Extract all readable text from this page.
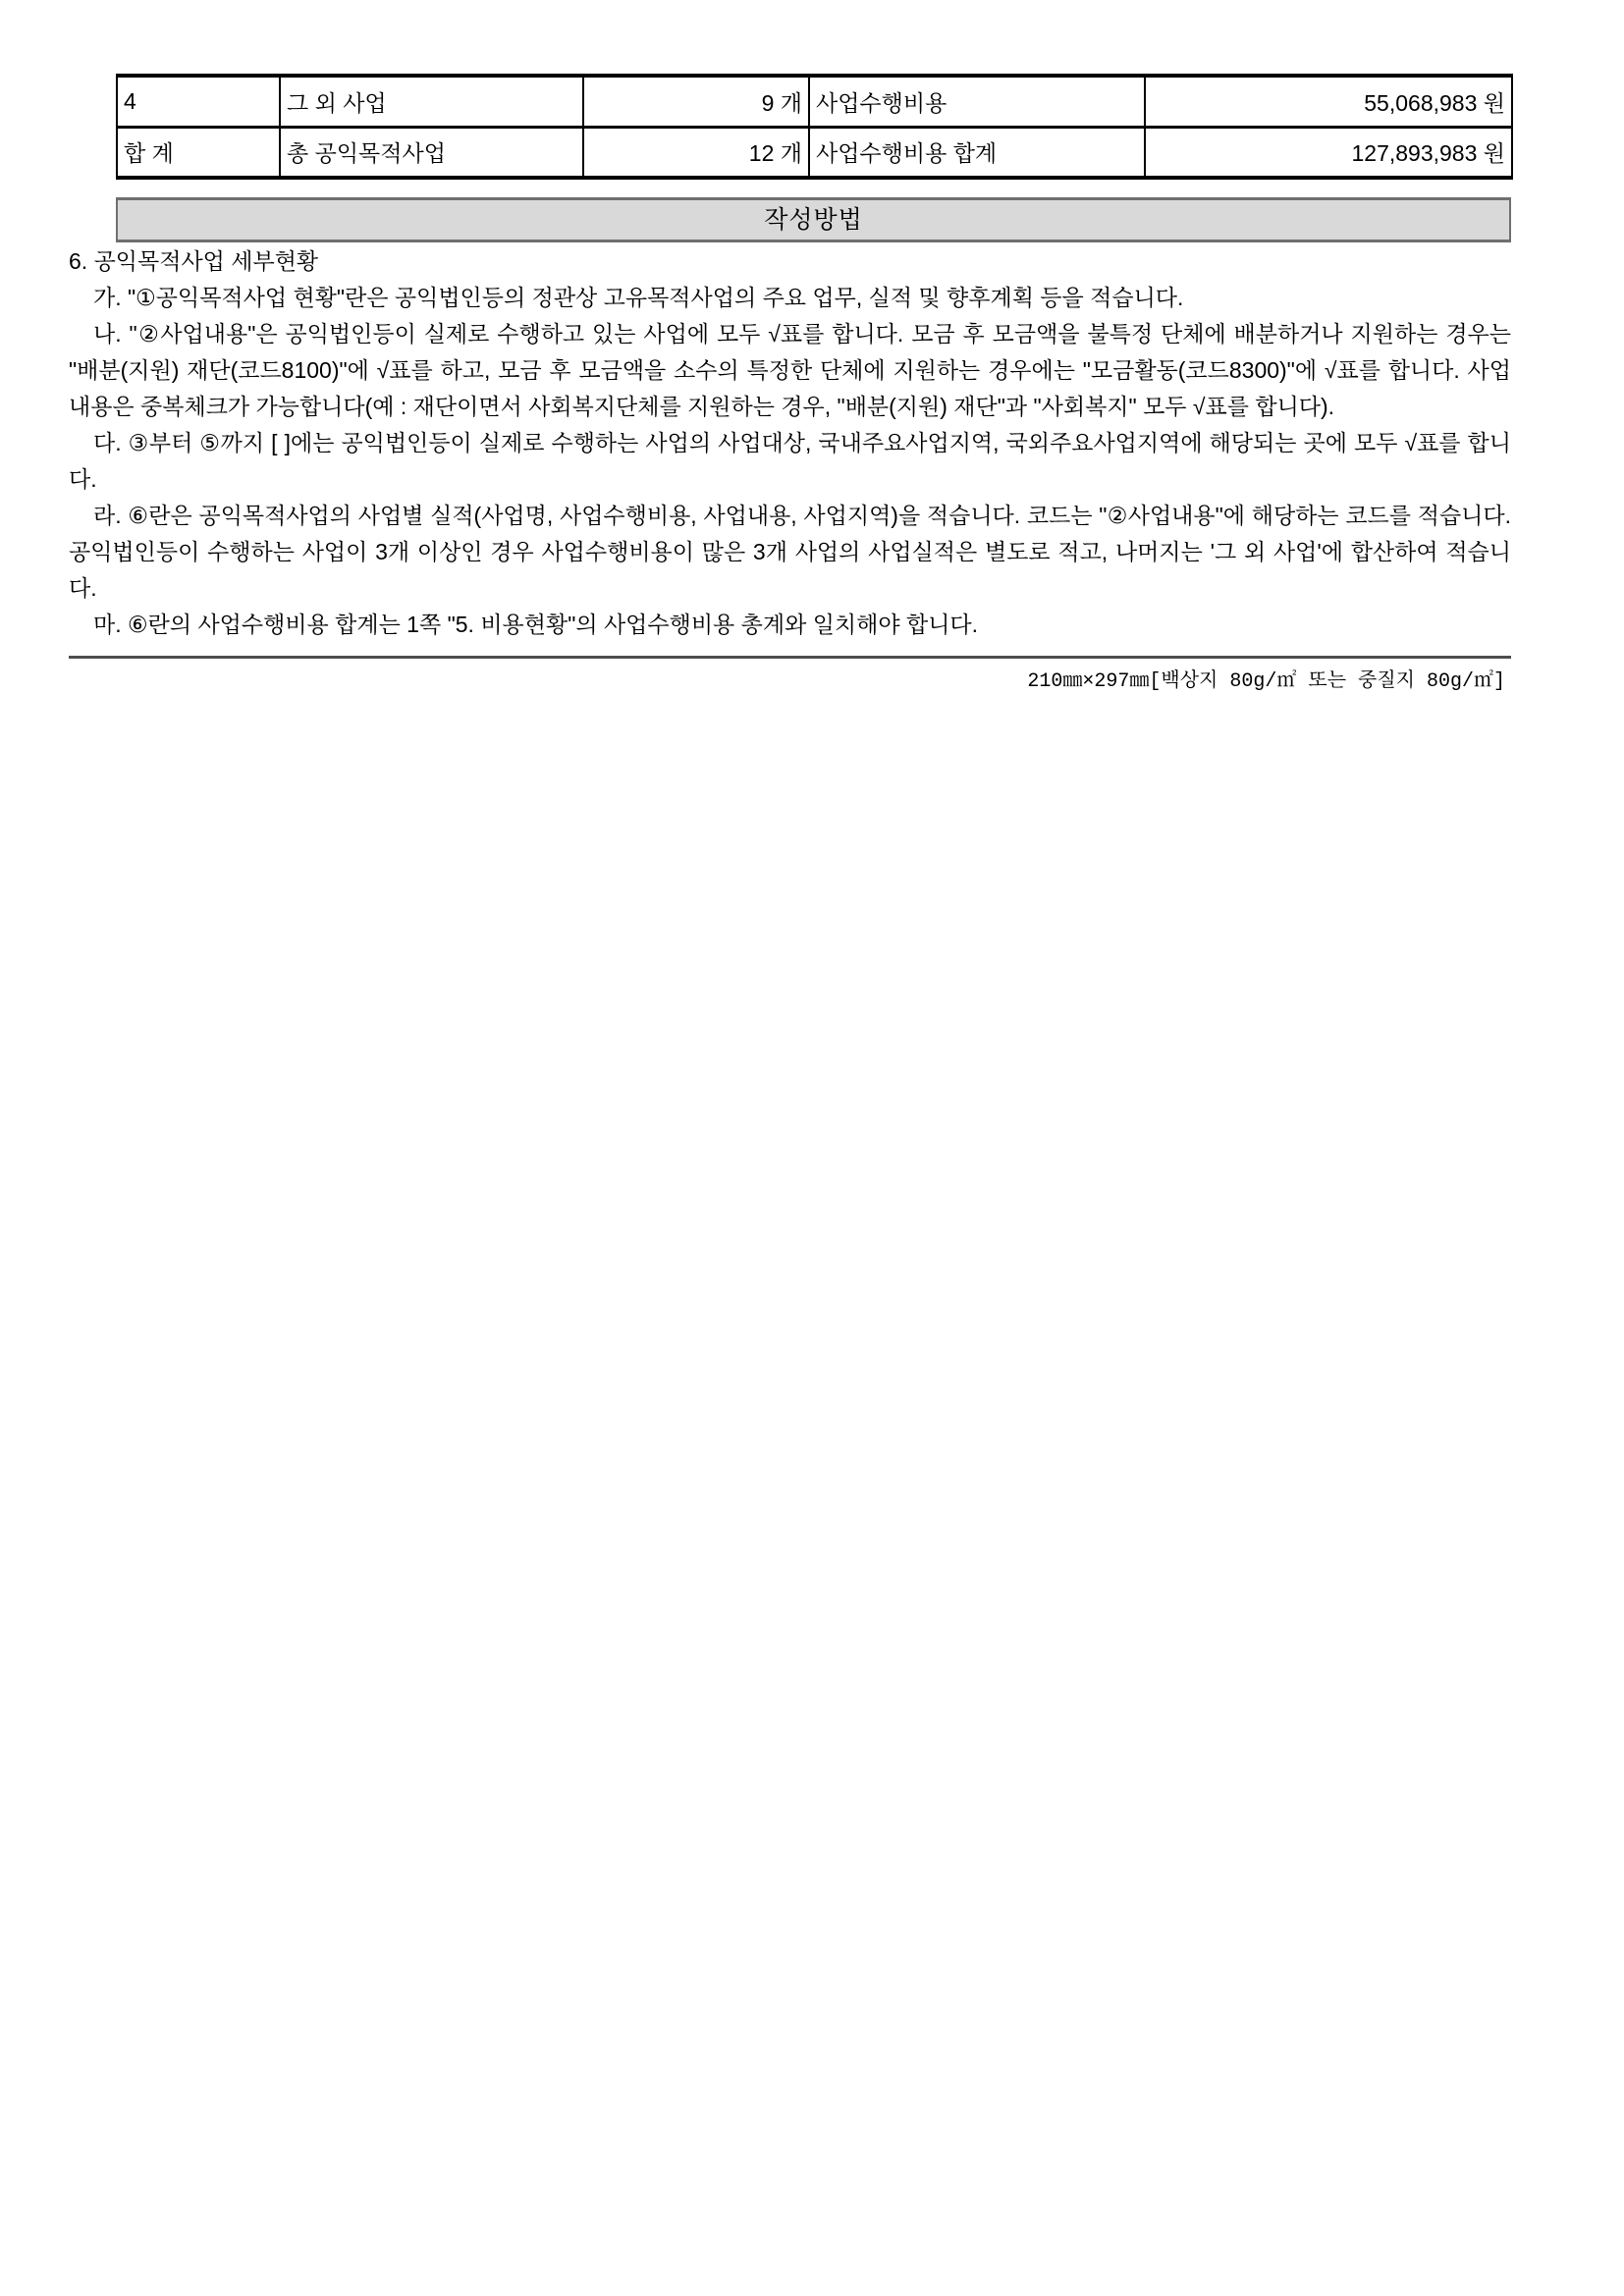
4	그 외 사업	9 개	사업수행비용	55,068,983 원
합 계	총 공익목적사업	12 개	사업수행비용 합계	127,893,983 원
작성방법

6. 공익목적사업 세부현황

가. "①공익목적사업 현황"란은 공익법인등의 정관상 고유목적사업의 주요 업무, 실적 및 향후계획 등을 적습니다.

나. "②사업내용"은 공익법인등이 실제로 수행하고 있는 사업에 모두 √표를 합니다. 모금 후 모금액을 불특정 단체에 배분하거나 지원하는 경우는 "배분(지원) 재단(코드8100)"에 √표를 하고, 모금 후 모금액을 소수의 특정한 단체에 지원하는 경우에는 "모금활동(코드8300)"에 √표를 합니다. 사업내용은 중복체크가 가능합니다(예 : 재단이면서 사회복지단체를 지원하는 경우, "배분(지원) 재단"과 "사회복지" 모두 √표를 합니다).

다. ③부터 ⑤까지 [ ]에는 공익법인등이 실제로 수행하는 사업의 사업대상, 국내주요사업지역, 국외주요사업지역에 해당되는 곳에 모두 √표를 합니다.

라. ⑥란은 공익목적사업의 사업별 실적(사업명, 사업수행비용, 사업내용, 사업지역)을 적습니다. 코드는 "②사업내용"에 해당하는 코드를 적습니다. 공익법인등이 수행하는 사업이 3개 이상인 경우 사업수행비용이 많은 3개 사업의 사업실적은 별도로 적고, 나머지는 '그 외 사업'에 합산하여 적습니다.

마. ⑥란의 사업수행비용 합계는 1쪽 "5. 비용현황"의 사업수행비용 총계와 일치해야 합니다.

210㎜×297㎜[백상지 80g/㎡ 또는 중질지 80g/㎡]
